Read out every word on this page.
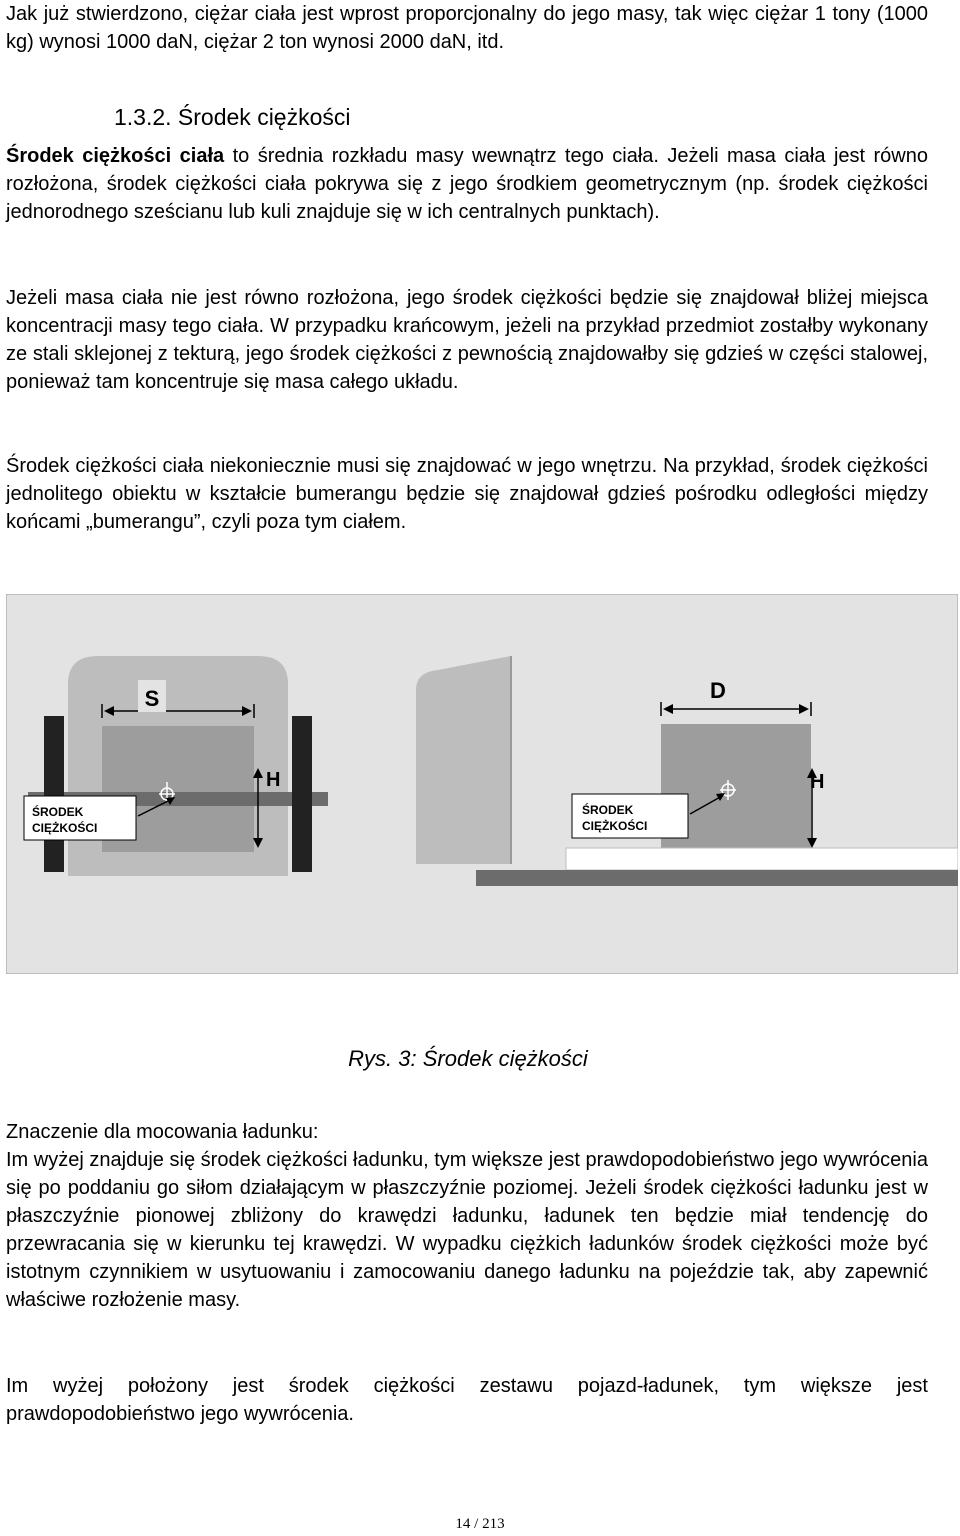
Jak już stwierdzono, ciężar ciała jest wprost proporcjonalny do jego masy, tak więc ciężar 1 tony (1000 kg) wynosi 1000 daN, ciężar 2 ton wynosi 2000 daN, itd.

1.3.2. Środek ciężkości

Środek ciężkości ciała to średnia rozkładu masy wewnątrz tego ciała. Jeżeli masa ciała jest równo rozłożona, środek ciężkości ciała pokrywa się z jego środkiem geometrycznym (np. środek ciężkości jednorodnego sześcianu lub kuli znajduje się w ich centralnych punktach).

Jeżeli masa ciała nie jest równo rozłożona, jego środek ciężkości będzie się znajdował bliżej miejsca koncentracji masy tego ciała. W przypadku krańcowym, jeżeli na przykład przedmiot zostałby wykonany ze stali sklejonej z tekturą, jego środek ciężkości z pewnością znajdowałby się gdzieś w części stalowej, ponieważ tam koncentruje się masa całego układu.

Środek ciężkości ciała niekoniecznie musi się znajdować w jego wnętrzu. Na przykład, środek ciężkości jednolitego obiektu w kształcie bumerangu będzie się znajdował gdzieś pośrodku odległości między końcami „bumerangu”, czyli poza tym ciałem.

S
H
ŚRODEK
CIĘŻKOŚCI
D
H
ŚRODEK
CIĘŻKOŚCI

Rys. 3: Środek ciężkości

Znaczenie dla mocowania ładunku:

Im wyżej znajduje się środek ciężkości ładunku, tym większe jest prawdopodobieństwo jego wywrócenia się po poddaniu go siłom działającym w płaszczyźnie poziomej. Jeżeli środek ciężkości ładunku jest w płaszczyźnie pionowej zbliżony do krawędzi ładunku, ładunek ten będzie miał tendencję do przewracania się w kierunku tej krawędzi. W wypadku ciężkich ładunków środek ciężkości może być istotnym czynnikiem w usytuowaniu i zamocowaniu danego ładunku na pojeździe tak, aby zapewnić właściwe rozłożenie masy.

Im wyżej położony jest środek ciężkości zestawu pojazd-ładunek, tym większe jest prawdopodobieństwo jego wywrócenia.

14 / 213
